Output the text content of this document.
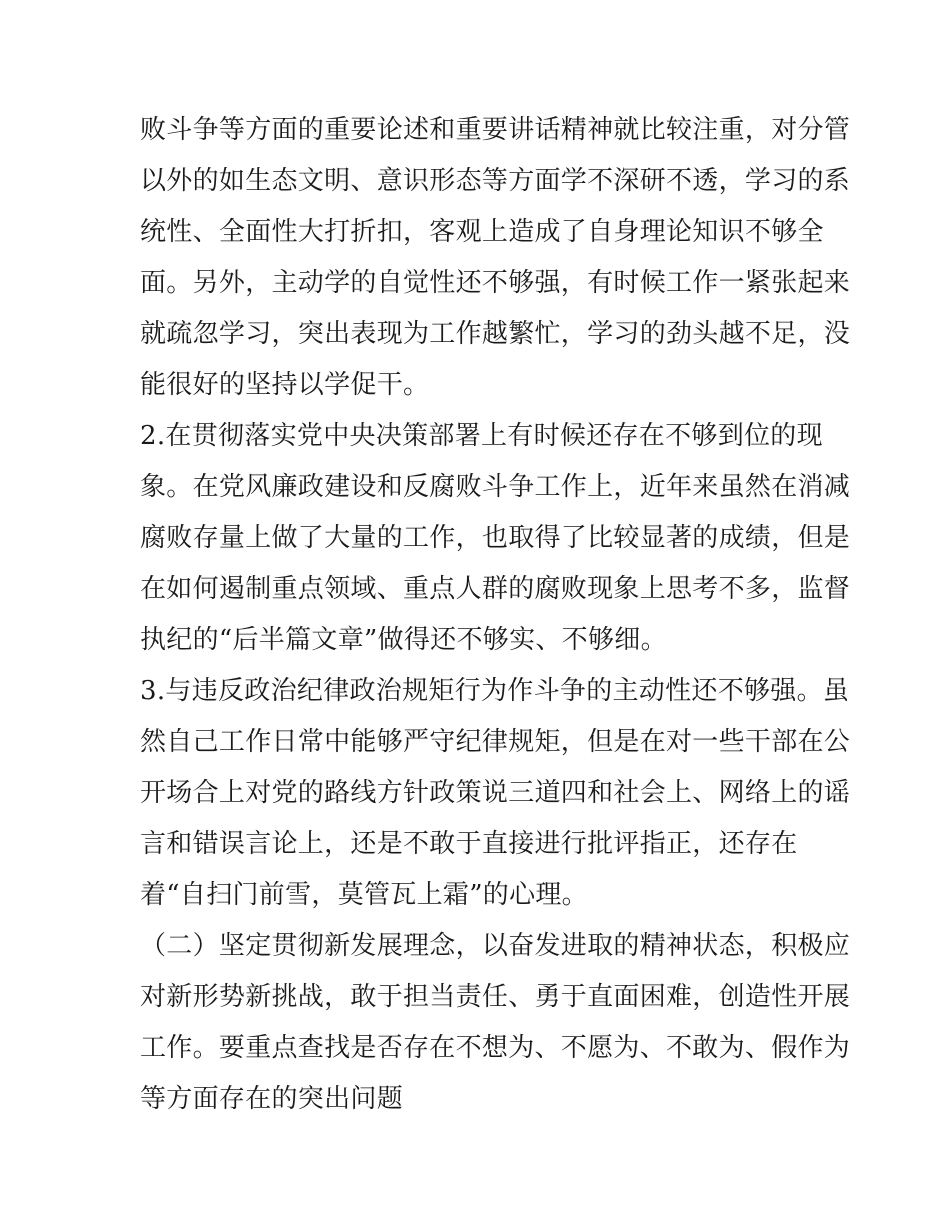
败斗争等方面的重要论述和重要讲话精神就比较注重，对分管
以外的如生态文明、意识形态等方面学不深研不透，学习的系
统性、全面性大打折扣，客观上造成了自身理论知识不够全
面。另外，主动学的自觉性还不够强，有时候工作一紧张起来
就疏忽学习，突出表现为工作越繁忙，学习的劲头越不足，没
能很好的坚持以学促干。
2.在贯彻落实党中央决策部署上有时候还存在不够到位的现
象。在党风廉政建设和反腐败斗争工作上，近年来虽然在消减
腐败存量上做了大量的工作，也取得了比较显著的成绩，但是
在如何遏制重点领域、重点人群的腐败现象上思考不多，监督
执纪的“后半篇文章”做得还不够实、不够细。
3.与违反政治纪律政治规矩行为作斗争的主动性还不够强。虽
然自己工作日常中能够严守纪律规矩，但是在对一些干部在公
开场合上对党的路线方针政策说三道四和社会上、网络上的谣
言和错误言论上，还是不敢于直接进行批评指正，还存在
着“自扫门前雪，莫管瓦上霜”的心理。
（二）坚定贯彻新发展理念，以奋发进取的精神状态，积极应
对新形势新挑战，敢于担当责任、勇于直面困难，创造性开展
工作。要重点查找是否存在不想为、不愿为、不敢为、假作为
等方面存在的突出问题
